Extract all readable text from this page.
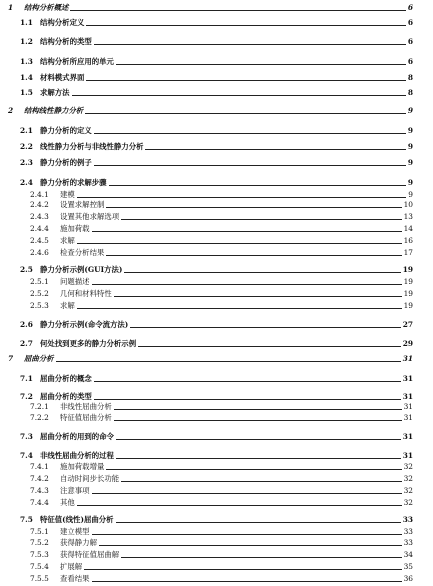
1	结构分析概述	6
1.1 结构分析定义	6
1.2 结构分析的类型	6
1.3 结构分析所应用的单元	6
1.4 材料模式界面	8
1.5 求解方法	8
2	结构线性静力分析	9
2.1 静力分析的定义	9
2.2 线性静力分析与非线性静力分析	9
2.3 静力分析的例子	9
2.4 静力分析的求解步骤	9
2.4.1	建模	9
2.4.2	设置求解控制	10
2.4.3	设置其他求解选项	13
2.4.4	施加荷载	14
2.4.5	求解	16
2.4.6	检查分析结果	17
2.5 静力分析示例(GUI方法)	19
2.5.1	问题描述	19
2.5.2	几何和材料特性	19
2.5.3	求解	19
2.6 静力分析示例(命令流方法)	27
2.7 何处找到更多的静力分析示例	29
7	屈曲分析	31
7.1 屈曲分析的概念	31
7.2 屈曲分析的类型	31
7.2.1	非线性屈曲分析	31
7.2.2	特征值屈曲分析	31
7.3 屈曲分析的用到的命令	31
7.4 非线性屈曲分析的过程	31
7.4.1	施加荷载增量	32
7.4.2	自动时间步长功能	32
7.4.3	注意事项	32
7.4.4	其他	32
7.5 特征值(线性)屈曲分析	33
7.5.1	建立模型	33
7.5.2	获得静力解	33
7.5.3	获得特征值屈曲解	34
7.5.4	扩展解	35
7.5.5	查看结果	36
